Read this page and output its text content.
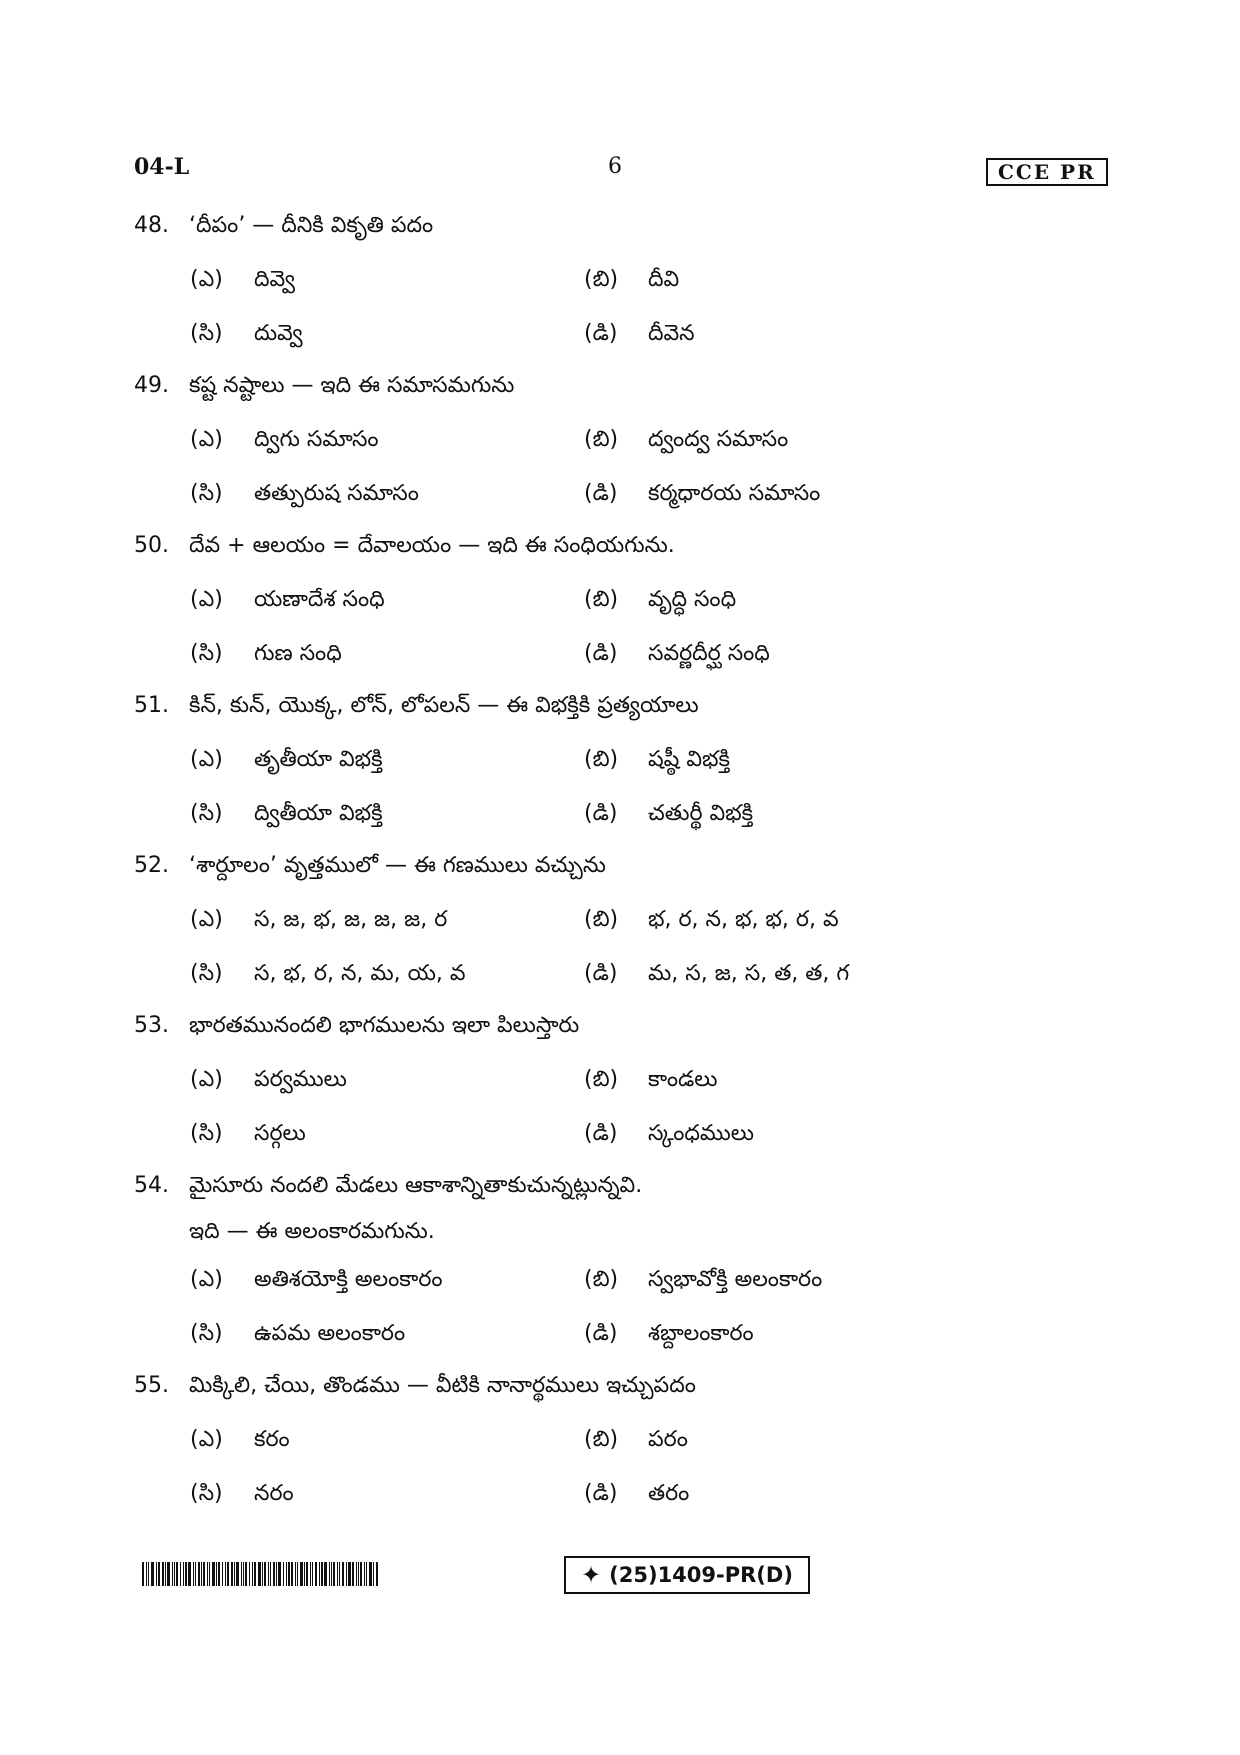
04-L	6	CCE PR
48. ‘దీపం’ — దీనికి వికృతి పదం
(ఎ) దివ్వె	(బి) దీవి
(సి) దువ్వె	(డి) దీవెన
49. కష్ట నష్టాలు — ఇది ఈ సమాసమగును
(ఎ) ద్విగు సమాసం	(బి) ద్వంద్వ సమాసం
(సి) తత్పురుష సమాసం	(డి) కర్మధారయ సమాసం
50. దేవ + ఆలయం = దేవాలయం — ఇది ఈ సంధియగును.
(ఎ) యణాదేశ సంధి	(బి) వృద్ధి సంధి
(సి) గుణ సంధి	(డి) సవర్ణదీర్ఘ సంధి
51. కిన్, కున్, యొక్క, లోన్, లోపలన్ — ఈ విభక్తికి ప్రత్యయాలు
(ఎ) తృతీయా విభక్తి	(బి) షష్ఠీ విభక్తి
(సి) ద్వితీయా విభక్తి	(డి) చతుర్థీ విభక్తి
52. ‘శార్దూలం’ వృత్తములో — ఈ గణములు వచ్చును
(ఎ) స, జ, భ, జ, జ, జ, ర	(బి) భ, ర, న, భ, భ, ర, వ
(సి) స, భ, ర, న, మ, య, వ	(డి) మ, స, జ, స, త, త, గ
53. భారతమునందలి భాగములను ఇలా పిలుస్తారు
(ఎ) పర్వములు	(బి) కాండలు
(సి) సర్గలు	(డి) స్కంధములు
54. మైసూరు నందలి మేడలు ఆకాశాన్నితాకుచున్నట్లున్నవి.
ఇది — ఈ అలంకారమగును.
(ఎ) అతిశయోక్తి అలంకారం	(బి) స్వభావోక్తి అలంకారం
(సి) ఉపమ అలంకారం	(డి) శబ్దాలంకారం
55. మిక్కిలి, చేయి, తొండము — వీటికి నానార్థములు ఇచ్చుపదం
(ఎ) కరం	(బి) పరం
(సి) నరం	(డి) తరం
✦ (25)1409-PR(D)
